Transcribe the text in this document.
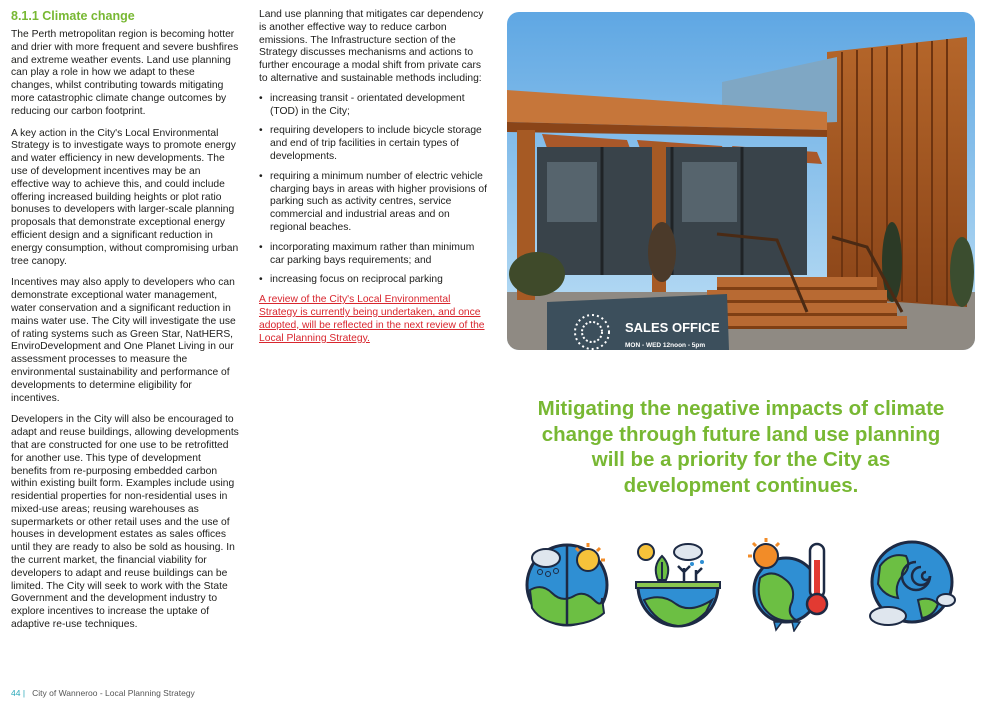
8.1.1 Climate change

The Perth metropolitan region is becoming hotter and drier with more frequent and severe bushfires and extreme weather events. Land use planning can play a role in how we adapt to these changes, whilst contributing towards mitigating more catastrophic climate change outcomes by reducing our carbon footprint.

A key action in the City's Local Environmental Strategy is to investigate ways to promote energy and water efficiency in new developments. The use of development incentives may be an effective way to achieve this, and could include offering increased building heights or plot ratio bonuses to developers with larger-scale planning proposals that demonstrate exceptional energy efficient design and a significant reduction in energy consumption, without compromising urban tree canopy.

Incentives may also apply to developers who can demonstrate exceptional water management, water conservation and a significant reduction in mains water use. The City will investigate the use of rating systems such as Green Star, NatHERS, EnviroDevelopment and One Planet Living in our assessment processes to measure the environmental sustainability and performance of developments to determine eligibility for incentives.

Developers in the City will also be encouraged to adapt and reuse buildings, allowing developments that are constructed for one use to be retrofitted for another use. This type of development benefits from re-purposing embedded carbon within existing built form. Examples include using residential properties for non-residential uses in mixed-use areas; reusing warehouses as supermarkets or other retail uses and the use of houses in development estates as sales offices until they are ready to also be sold as housing. In the current market, the financial viability for developers to adapt and reuse buildings can be limited. The City will seek to work with the State Government and the development industry to explore incentives to increase the uptake of adaptive re-use techniques.

Land use planning that mitigates car dependency is another effective way to reduce carbon emissions. The Infrastructure section of the Strategy discusses mechanisms and actions to further encourage a modal shift from private cars to alternative and sustainable methods including:

• increasing transit - orientated development (TOD) in the City;
• requiring developers to include bicycle storage and end of trip facilities in certain types of developments.
• requiring a minimum number of electric vehicle charging bays in areas with higher provisions of parking such as activity centres, service commercial and industrial areas and on regional beaches.
• incorporating maximum rather than minimum car parking bays requirements; and
• increasing focus on reciprocal parking
A review of the City's Local Environmental Strategy is currently being undertaken, and once adopted, will be reflected in the next review of the Local Planning Strategy.
SALES OFFICE
MON - WED 12noon - 5pm

Mitigating the negative impacts of climate change through future land use planning will be a priority for the City as development continues.

44 | City of Wanneroo - Local Planning Strategy
